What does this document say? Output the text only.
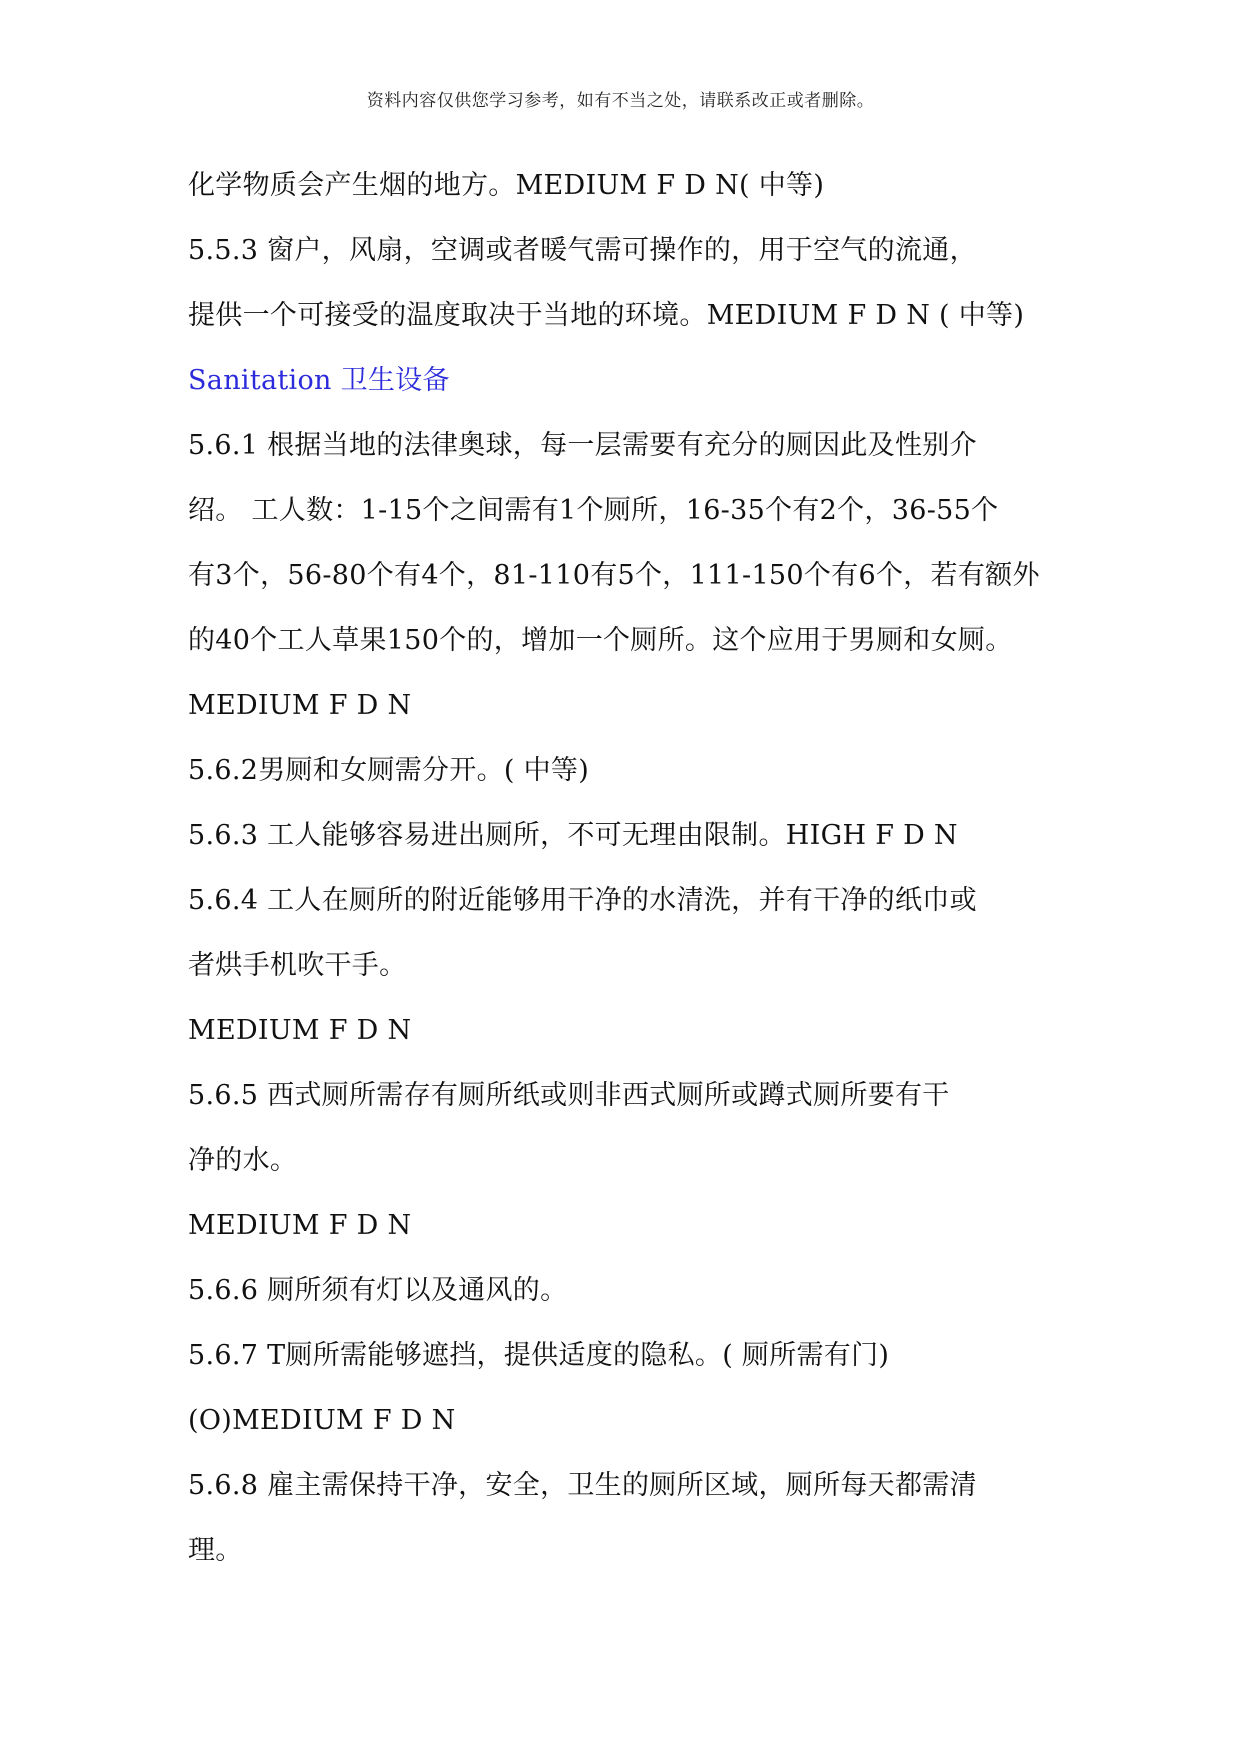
资料内容仅供您学习参考，如有不当之处，请联系改正或者删除。
化学物质会产生烟的地方。MEDIUM F D N( 中等)
5.5.3 窗户，风扇，空调或者暖气需可操作的，用于空气的流通，
提供一个可接受的温度取决于当地的环境。MEDIUM F D N ( 中等)
Sanitation 卫生设备
5.6.1 根据当地的法律奥球，每一层需要有充分的厕因此及性别介
绍。 工人数：1-15个之间需有1个厕所，16-35个有2个，36-55个
有3个，56-80个有4个，81-110有5个，111-150个有6个，若有额外
的40个工人草果150个的，增加一个厕所。这个应用于男厕和女厕。
MEDIUM F D N
5.6.2男厕和女厕需分开。( 中等)
5.6.3 工人能够容易进出厕所，不可无理由限制。HIGH F D N
5.6.4 工人在厕所的附近能够用干净的水清洗，并有干净的纸巾或
者烘手机吹干手。
MEDIUM F D N
5.6.5 西式厕所需存有厕所纸或则非西式厕所或蹲式厕所要有干
净的水。
MEDIUM F D N
5.6.6 厕所须有灯以及通风的。
5.6.7 T厕所需能够遮挡，提供适度的隐私。( 厕所需有门)
(O)MEDIUM F D N
5.6.8 雇主需保持干净，安全，卫生的厕所区域，厕所每天都需清
理。
